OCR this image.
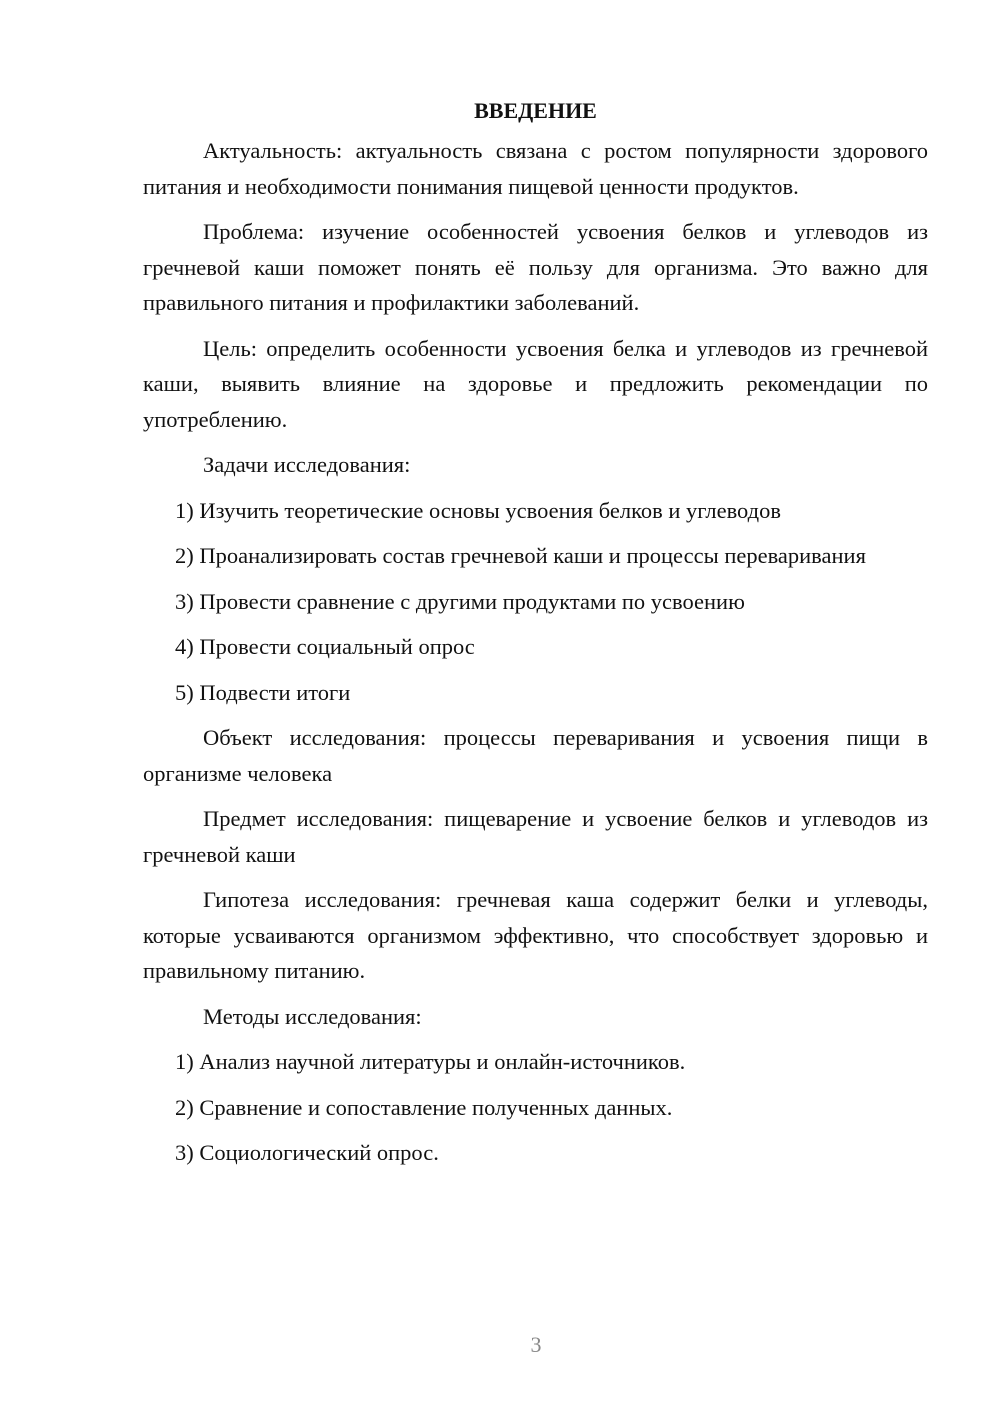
ВВЕДЕНИЕ

Актуальность: актуальность связана с ростом популярности здорового питания и необходимости понимания пищевой ценности продуктов.

Проблема: изучение особенностей усвоения белков и углеводов из гречневой каши поможет понять её пользу для организма. Это важно для правильного питания и профилактики заболеваний.

Цель: определить особенности усвоения белка и углеводов из гречневой каши, выявить влияние на здоровье и предложить рекомендации по употреблению.

Задачи исследования:

1) Изучить теоретические основы усвоения белков и углеводов

2) Проанализировать состав гречневой каши и процессы переваривания

3) Провести сравнение с другими продуктами по усвоению

4) Провести социальный опрос

5) Подвести итоги

Объект исследования: процессы переваривания и усвоения пищи в организме человека

Предмет исследования: пищеварение и усвоение белков и углеводов из гречневой каши

Гипотеза исследования: гречневая каша содержит белки и углеводы, которые усваиваются организмом эффективно, что способствует здоровью и правильному питанию.

Методы исследования:

1) Анализ научной литературы и онлайн-источников.

2) Сравнение и сопоставление полученных данных.

3) Социологический опрос.

3
